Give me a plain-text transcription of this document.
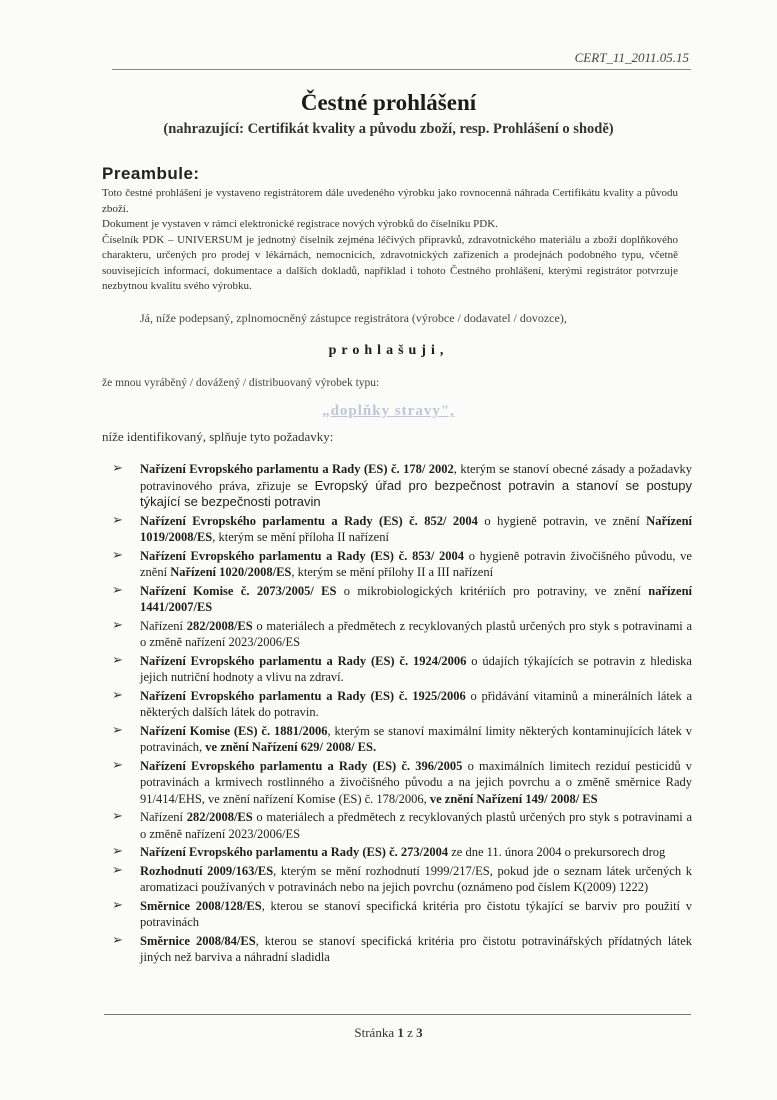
CERT_11_2011.05.15
Čestné prohlášení
(nahrazující: Certifikát kvality a původu zboží, resp. Prohlášení o shodě)
Preambule:

Toto čestné prohlášení je vystaveno registrátorem dále uvedeného výrobku jako rovnocenná náhrada Certifikátu kvality a původu zboží.

Dokument je vystaven v rámci elektronické registrace nových výrobků do číselníku PDK.

Číselník PDK – UNIVERSUM je jednotný číselník zejména léčivých přípravků, zdravotnického materiálu a zboží doplňkového charakteru, určených pro prodej v lékárnách, nemocnicích, zdravotnických zařízeních a prodejnách podobného typu, včetně souvisejících informací, dokumentace a dalších dokladů, například i tohoto Čestného prohlášení, kterými registrátor potvrzuje nezbytnou kvalitu svého výrobku.

Já, níže podepsaný, zplnomocněný zástupce registrátora (výrobce / dodavatel / dovozce),
prohlašuji,
že mnou vyráběný / dovážený / distribuovaný výrobek typu:
„doplňky stravy",
níže identifikovaný, splňuje tyto požadavky:
➢ Nařízení Evropského parlamentu a Rady (ES) č. 178/ 2002, kterým se stanoví obecné zásady a požadavky potravinového práva, zřizuje se Evropský úřad pro bezpečnost potravin a stanoví se postupy týkající se bezpečnosti potravin
➢ Nařízení Evropského parlamentu a Rady (ES) č. 852/ 2004 o hygieně potravin, ve znění Nařízení 1019/2008/ES, kterým se mění příloha II nařízení
➢ Nařízení Evropského parlamentu a Rady (ES) č. 853/ 2004 o hygieně potravin živočišného původu, ve znění Nařízení 1020/2008/ES, kterým se mění přílohy II a III nařízení
➢ Nařízení Komise č. 2073/2005/ ES o mikrobiologických kritériích pro potraviny, ve znění nařízení 1441/2007/ES
➢ Nařízení 282/2008/ES o materiálech a předmětech z recyklovaných plastů určených pro styk s potravinami a o změně nařízení 2023/2006/ES
➢ Nařízení Evropského parlamentu a Rady (ES) č. 1924/2006 o údajích týkajících se potravin z hlediska jejich nutriční hodnoty a vlivu na zdraví.
➢ Nařízení Evropského parlamentu a Rady (ES) č. 1925/2006 o přidávání vitaminů a minerálních látek a některých dalších látek do potravin.
➢ Nařízení Komise (ES) č. 1881/2006, kterým se stanoví maximální limity některých kontaminujících látek v potravinách, ve znění Nařízení 629/ 2008/ ES.
➢ Nařízení Evropského parlamentu a Rady (ES) č. 396/2005 o maximálních limitech reziduí pesticidů v potravinách a krmivech rostlinného a živočišného původu a na jejich povrchu a o změně směrnice Rady 91/414/EHS, ve znění nařízení Komise (ES) č. 178/2006, ve znění Nařízení 149/ 2008/ ES
➢ Nařízení 282/2008/ES o materiálech a předmětech z recyklovaných plastů určených pro styk s potravinami a o změně nařízení 2023/2006/ES
➢ Nařízení Evropského parlamentu a Rady (ES) č. 273/2004 ze dne 11. února 2004 o prekursorech drog
➢ Rozhodnutí 2009/163/ES, kterým se mění rozhodnutí 1999/217/ES, pokud jde o seznam látek určených k aromatizaci používaných v potravinách nebo na jejich povrchu (oznámeno pod číslem K(2009) 1222)
➢ Směrnice 2008/128/ES, kterou se stanoví specifická kritéria pro čistotu týkající se barviv pro použití v potravinách
➢ Směrnice 2008/84/ES, kterou se stanoví specifická kritéria pro čistotu potravinářských přídatných látek jiných než barviva a náhradní sladidla
Stránka 1 z 3
